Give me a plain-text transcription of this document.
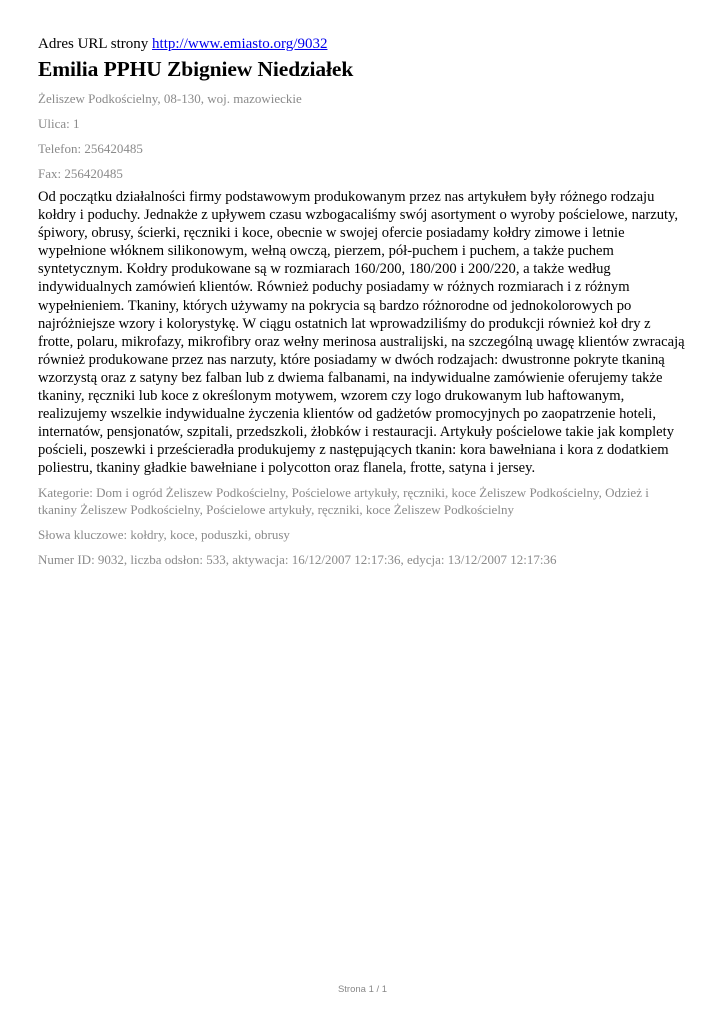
Adres URL strony http://www.emiasto.org/9032
Emilia PPHU Zbigniew Niedziałek
Żeliszew Podkościelny, 08-130, woj. mazowieckie
Ulica: 1
Telefon: 256420485
Fax: 256420485
Od początku działalności firmy podstawowym produkowanym przez nas artykułem były różnego rodzaju kołdry i poduchy. Jednakże z upływem czasu wzbogacaliśmy swój asortyment o wyroby pościelowe, narzuty, śpiwory, obrusy, ścierki, ręczniki i koce, obecnie w swojej ofercie posiadamy kołdry zimowe i letnie wypełnione włóknem silikonowym, wełną owczą, pierzem, pół-puchem i puchem, a także puchem syntetycznym. Kołdry produkowane są w rozmiarach 160/200, 180/200 i 200/220, a także według indywidualnych zamówień klientów. Również poduchy posiadamy w różnych rozmiarach i z różnym wypełnieniem. Tkaniny, których używamy na pokrycia są bardzo różnorodne od jednokolorowych po najróżniejsze wzory i kolorystykę. W ciągu ostatnich lat wprowadziliśmy do produkcji również koł dry z frotte, polaru, mikrofazy, mikrofibry oraz wełny merinosa australijski, na szczególną uwagę klientów zwracają również produkowane przez nas narzuty, które posiadamy w dwóch rodzajach: dwustronne pokryte tkaniną wzorzystą oraz z satyny bez falban lub z dwiema falbanami, na indywidualne zamówienie oferujemy także tkaniny, ręczniki lub koce z określonym motywem, wzorem czy logo drukowanym lub haftowanym, realizujemy wszelkie indywidualne życzenia klientów od gadżetów promocyjnych po zaopatrzenie hoteli, internatów, pensjonatów, szpitali, przedszkoli, żłobków i restauracji. Artykuły pościelowe takie jak komplety pościeli, poszewki i prześcieradła produkujemy z następujących tkanin: kora bawełniana i kora z dodatkiem poliestru, tkaniny gładkie bawełniane i polycotton oraz flanela, frotte, satyna i jersey.
Kategorie: Dom i ogród Żeliszew Podkościelny, Pościelowe artykuły, ręczniki, koce Żeliszew Podkościelny, Odzież i tkaniny Żeliszew Podkościelny, Pościelowe artykuły, ręczniki, koce Żeliszew Podkościelny
Słowa kluczowe: kołdry, koce, poduszki, obrusy
Numer ID: 9032, liczba odsłon: 533, aktywacja: 16/12/2007 12:17:36, edycja: 13/12/2007 12:17:36
Strona 1 / 1
